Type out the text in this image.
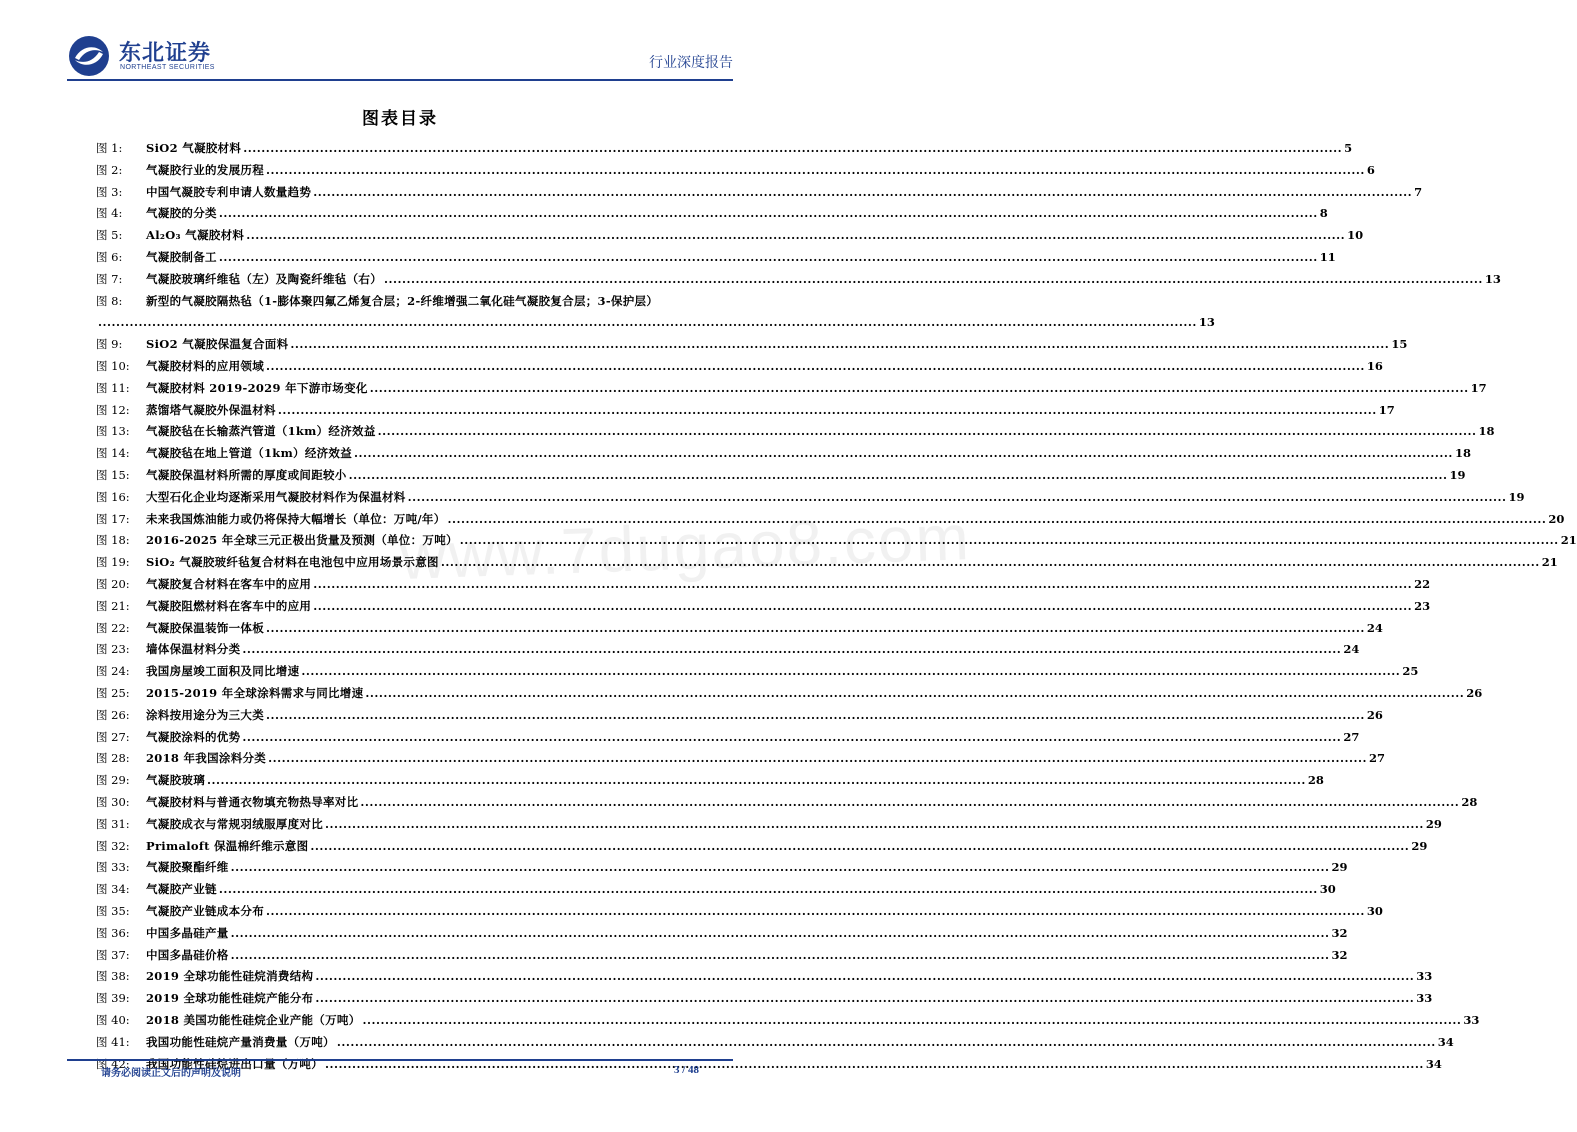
东北证券
NORTHEAST SECURITIES	行业深度报告
www.7dugao8.com
图表目录
图 1:	SiO2 气凝胶材料 .....	5
图 2:	气凝胶行业的发展历程 .....	6
图 3:	中国气凝胶专利申请人数量趋势 .....	7
图 4:	气凝胶的分类 .....	8
图 5:	Al₂O₃ 气凝胶材料 .....	10
图 6:	气凝胶制备工 .....	11
图 7:	气凝胶玻璃纤维毡（左）及陶瓷纤维毡（右） .....	13
图 8:	新型的气凝胶隔热毡（1-膨体聚四氟乙烯复合层；2-纤维增强二氧化硅气凝胶复合层；3-保护层）
.....
13
图 9:	SiO2 气凝胶保温复合面料 .....	15
图 10:	气凝胶材料的应用领域 .....	16
图 11:	气凝胶材料 2019-2029 年下游市场变化 .....	17
图 12:	蒸馏塔气凝胶外保温材料 .....	17
图 13:	气凝胶毡在长输蒸汽管道（1km）经济效益 .....	18
图 14:	气凝胶毡在地上管道（1km）经济效益 .....	18
图 15:	气凝胶保温材料所需的厚度或间距较小 .....	19
图 16:	大型石化企业均逐渐采用气凝胶材料作为保温材料 .....	19
图 17:	未来我国炼油能力或仍将保持大幅增长（单位：万吨/年） .....	20
图 18:	2016-2025 年全球三元正极出货量及预测（单位：万吨） .....	21
图 19:	SiO₂ 气凝胶玻纤毡复合材料在电池包中应用场景示意图 .....	21
图 20:	气凝胶复合材料在客车中的应用 .....	22
图 21:	气凝胶阻燃材料在客车中的应用 .....	23
图 22:	气凝胶保温装饰一体板 .....	24
图 23:	墙体保温材料分类 .....	24
图 24:	我国房屋竣工面积及同比增速 .....	25
图 25:	2015-2019 年全球涂料需求与同比增速 .....	26
图 26:	涂料按用途分为三大类 .....	26
图 27:	气凝胶涂料的优势 .....	27
图 28:	2018 年我国涂料分类 .....	27
图 29:	气凝胶玻璃 .....	28
图 30:	气凝胶材料与普通衣物填充物热导率对比 .....	28
图 31:	气凝胶成衣与常规羽绒服厚度对比 .....	29
图 32:	Primaloft 保温棉纤维示意图 .....	29
图 33:	气凝胶聚酯纤维 .....	29
图 34:	气凝胶产业链 .....	30
图 35:	气凝胶产业链成本分布 .....	30
图 36:	中国多晶硅产量 .....	32
图 37:	中国多晶硅价格 .....	32
图 38:	2019 全球功能性硅烷消费结构 .....	33
图 39:	2019 全球功能性硅烷产能分布 .....	33
图 40:	2018 美国功能性硅烷企业产能（万吨） .....	33
图 41:	我国功能性硅烷产量消费量（万吨） .....	34
图 42:	我国功能性硅烷进出口量（万吨） .....	34
请务必阅读正文后的声明及说明	3 / 48
